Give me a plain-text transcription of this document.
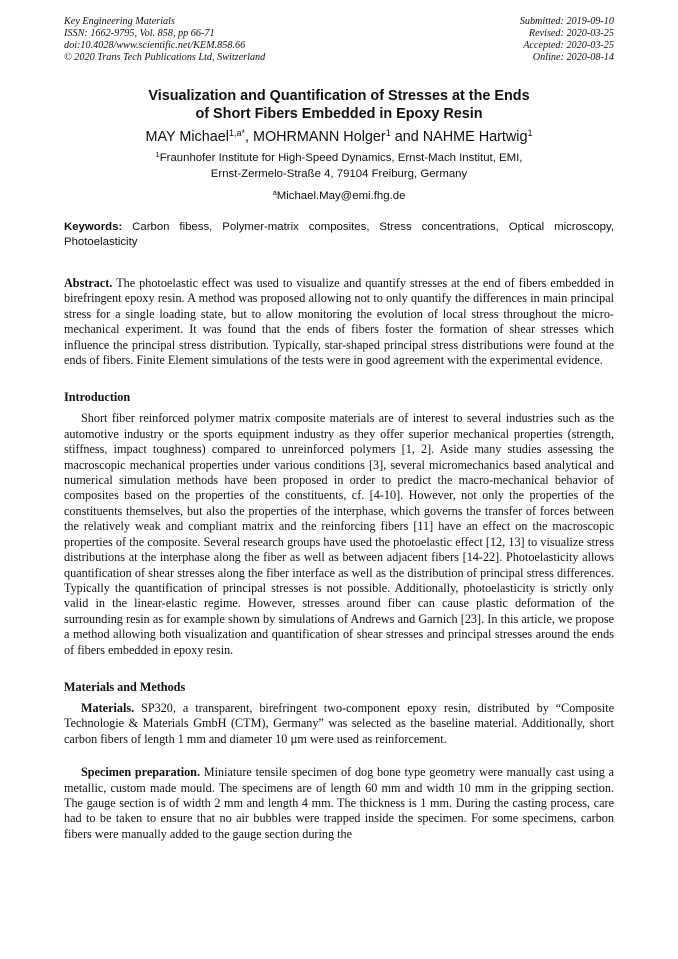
Key Engineering Materials
ISSN: 1662-9795, Vol. 858, pp 66-71
doi:10.4028/www.scientific.net/KEM.858.66
© 2020 Trans Tech Publications Ltd, Switzerland
Submitted: 2019-09-10
Revised: 2020-03-25
Accepted: 2020-03-25
Online: 2020-08-14
Visualization and Quantification of Stresses at the Ends
of Short Fibers Embedded in Epoxy Resin
MAY Michael$^{1,a*}$, MOHRMANN Holger$^1$ and NAHME Hartwig$^1$
$^1$Fraunhofer Institute for High-Speed Dynamics, Ernst-Mach Institut, EMI,
Ernst-Zermelo-Straße 4, 79104 Freiburg, Germany
$^a$Michael.May@emi.fhg.de

Keywords: Carbon fibess, Polymer-matrix composites, Stress concentrations, Optical microscopy, Photoelasticity

Abstract. The photoelastic effect was used to visualize and quantify stresses at the end of fibers embedded in birefringent epoxy resin. A method was proposed allowing not to only quantify the differences in main principal stress for a single loading state, but to allow monitoring the evolution of local stress throughout the micro-mechanical experiment. It was found that the ends of fibers foster the formation of shear stresses which influence the principal stress distribution. Typically, star-shaped principal stress distributions were found at the ends of fibers. Finite Element simulations of the tests were in good agreement with the experimental evidence.

Introduction

Short fiber reinforced polymer matrix composite materials are of interest to several industries such as the automotive industry or the sports equipment industry as they offer superior mechanical properties (strength, stiffness, impact toughness) compared to unreinforced polymers [1, 2]. Aside many studies assessing the macroscopic mechanical properties under various conditions [3], several micromechanics based analytical and numerical simulation methods have been proposed in order to predict the macro-mechanical behavior of composites based on the properties of the constituents, cf. [4-10]. However, not only the properties of the constituents themselves, but also the properties of the interphase, which governs the transfer of forces between the relatively weak and compliant matrix and the reinforcing fibers [11] have an effect on the macroscopic properties of the composite. Several research groups have used the photoelastic effect [12, 13] to visualize stress distributions at the interphase along the fiber as well as between adjacent fibers [14-22]. Photoelasticity allows quantification of shear stresses along the fiber interface as well as the distribution of principal stress differences. Typically the quantification of principal stresses is not possible. Additionally, photoelasticity is strictly only valid in the linear-elastic regime. However, stresses around fiber can cause plastic deformation of the surrounding resin as for example shown by simulations of Andrews and Garnich [23]. In this article, we propose a method allowing both visualization and quantification of shear stresses and principal stresses around the ends of fibers embedded in epoxy resin.

Materials and Methods

Materials. SP320, a transparent, birefringent two-component epoxy resin, distributed by “Composite Technologie & Materials GmbH (CTM), Germany” was selected as the baseline material. Additionally, short carbon fibers of length 1 mm and diameter 10 µm were used as reinforcement.

Specimen preparation. Miniature tensile specimen of dog bone type geometry were manually cast using a metallic, custom made mould. The specimens are of length 60 mm and width 10 mm in the gripping section. The gauge section is of width 2 mm and length 4 mm. The thickness is 1 mm. During the casting process, care had to be taken to ensure that no air bubbles were trapped inside the specimen. For some specimens, carbon fibers were manually added to the gauge section during the
